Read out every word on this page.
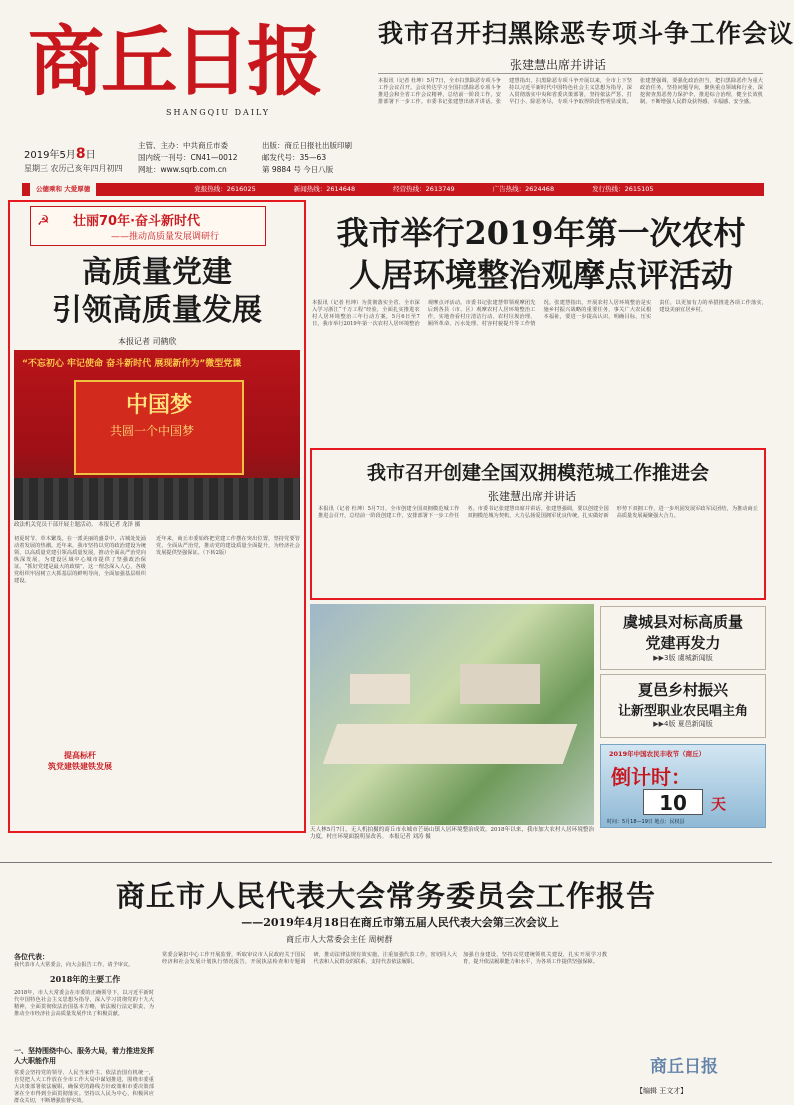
商丘日报
SHANGQIU DAILY
2019年5月8日
星期三 农历己亥年四月初四
主管、主办：中共商丘市委
国内统一刊号：CN41—0012
网址：www.sqrb.com.cn
出版：商丘日报社出版印刷
邮发代号：35—63
第 9884 号 今日八版
我市召开扫黑除恶专项斗争工作会议
张建慧出席并讲话
本报讯（记者 杜坤）5月7日，全市扫黑除恶专项斗争工作会议召开。会议传达学习全国扫黑除恶专项斗争推进会和全省工作会议精神，总结前一阶段工作，安排部署下一步工作。市委书记张建慧出席并讲话。张建慧指出，扫黑除恶专项斗争开展以来，全市上下坚持以习近平新时代中国特色社会主义思想为指导，深入贯彻落实中央和省委决策部署，坚持依法严惩、打早打小、除恶务尽，专项斗争取得阶段性明显成效。张建慧强调，要强化政治担当，把扫黑除恶作为重大政治任务，坚持问题导向，聚焦重点领域和行业，深挖彻查黑恶势力保护伞，推进综合治理，健全长效机制，不断增强人民群众获得感、幸福感、安全感。
公德乘和 大爱厚德	党报热线：2616025	新闻热线：2614648	经营热线：2613749	广告热线：2624468	发行热线：2615105
☭ 壮丽70年·奋斗新时代
——推动高质量发展调研行
高质量党建
引领高质量发展
本报记者 司鹤欣
“不忘初心 牢记使命 奋斗新时代 展现新作为”微型党课
中国梦
共圆一个中国梦
政法机关党员干部开展主题活动。 本报记者 龙泽 摄
初夏时节，草木繁茂。在一派美丽的盛景中，古城处处涌动着发展的热潮。近年来，我市坚持以党的政治建设为统领，以高质量党建引领高质量发展，推动全面从严治党向纵深发展，为建设区域中心城市提供了坚强政治保证。“抓好党建是最大的政绩”，这一理念深入人心，各级党组织牢固树立大抓基层的鲜明导向，全面加强基层组织建设。
提高标杆
筑党建铁建铁发展
近年来，商丘市委始终把党建工作摆在突出位置，坚持党要管党、全面从严治党，推动党的建设质量全面提升，为经济社会发展提供坚强保证。（下转2版）
我市举行2019年第一次农村
人居环境整治观摩点评活动
本报讯（记者 杜坤）为贯彻落实全省、全市深入学习浙江“千万工程”经验，全面扎实推进农村人居环境整治三年行动方案，5月6日至7日，我市举行2019年第一次农村人居环境整治观摩点评活动。市委书记张建慧带领观摩团先后到各县（市、区）观摩农村人居环境整治工作，实地查看村庄清洁行动、农村垃圾治理、厕所革命、污水处理、村容村貌提升等工作情况。张建慧指出，开展农村人居环境整治是实施乡村振兴战略的重要任务，事关广大农民根本福祉，要进一步提高认识，明确目标，压实责任，以更加有力的举措推进各项工作落实，建设美丽宜居乡村。
我市召开创建全国双拥模范城工作推进会
张建慧出席并讲话
本报讯（记者 杜坤）5月7日，全市创建全国双拥模范城工作推进会召开，总结前一阶段创建工作，安排部署下一步工作任务。市委书记张建慧出席并讲话。张建慧强调，要以创建全国双拥模范城为契机，大力弘扬爱国拥军优良传统，扎实做好新形势下双拥工作，进一步巩固发展军政军民团结，为推动商丘高质量发展凝聚强大合力。
天人林5月7日，无人机拍摄的商丘市永城市芒砀山镇人居环境整治成效。2018年以来，我市加大农村人居环境整治力度，村庄环境面貌明显改善。 本报记者 刘涛 摄
虞城县对标高质量
党建再发力
▶▶3版 虞城新闻版
夏邑乡村振兴
让新型职业农民唱主角
▶▶4版 夏邑新闻版
2019年中国农民丰收节（商丘）
倒计时：
10	天
时间：5月18—19日 地点：民权县
商丘市人民代表大会常务委员会工作报告
——2019年4月18日在商丘市第五届人民代表大会第三次会议上
商丘市人大常委会主任 周树群
各位代表：
我代表市人大常委会，向大会报告工作，请予审议。
2018年的主要工作
2018年，市人大常委会在市委的正确领导下，以习近平新时代中国特色社会主义思想为指导，深入学习贯彻党的十九大精神，全面贯彻依法治国基本方略，依法履行法定职责，为推动全市经济社会高质量发展作出了积极贡献。
一、坚持围绕中心、服务大局，着力推进发挥人大职能作用
常委会坚持党的领导、人民当家作主、依法治国有机统一，自觉把人大工作放在全市工作大局中谋划推进，围绕市委重大决策部署依法履职，确保党的路线方针政策和市委决策部署在全市得到全面贯彻落实。坚持以人民为中心，积极回应群众关切，不断增强监督实效。
常委会紧扣中心工作开展监督，听取审议市人民政府关于国民经济和社会发展计划执行情况报告，开展执法检查和专题调研，推动法律法规有效实施。注重加强代表工作，密切同人大代表和人民群众的联系，支持代表依法履职。
加强自身建设，坚持以党建统领机关建设，扎实开展学习教育，提升依法履职能力和水平，为各项工作提供坚强保障。
【编辑 王文才】
商丘日报
